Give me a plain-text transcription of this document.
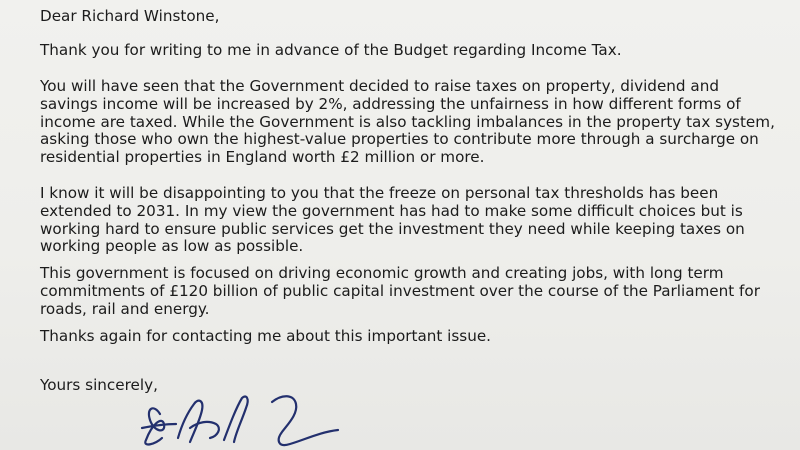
Dear Richard Winstone,

Thank you for writing to me in advance of the Budget regarding Income Tax.
You will have seen that the Government decided to raise taxes on property, dividend and
savings income will be increased by 2%, addressing the unfairness in how different forms of
income are taxed. While the Government is also tackling imbalances in the property tax system,
asking those who own the highest-value properties to contribute more through a surcharge on
residential properties in England worth £2 million or more.
I know it will be disappointing to you that the freeze on personal tax thresholds has been
extended to 2031. In my view the government has had to make some difficult choices but is
working hard to ensure public services get the investment they need while keeping taxes on
working people as low as possible.
This government is focused on driving economic growth and creating jobs, with long term
commitments of £120 billion of public capital investment over the course of the Parliament for
roads, rail and energy.
Thanks again for contacting me about this important issue.

Yours sincerely,
